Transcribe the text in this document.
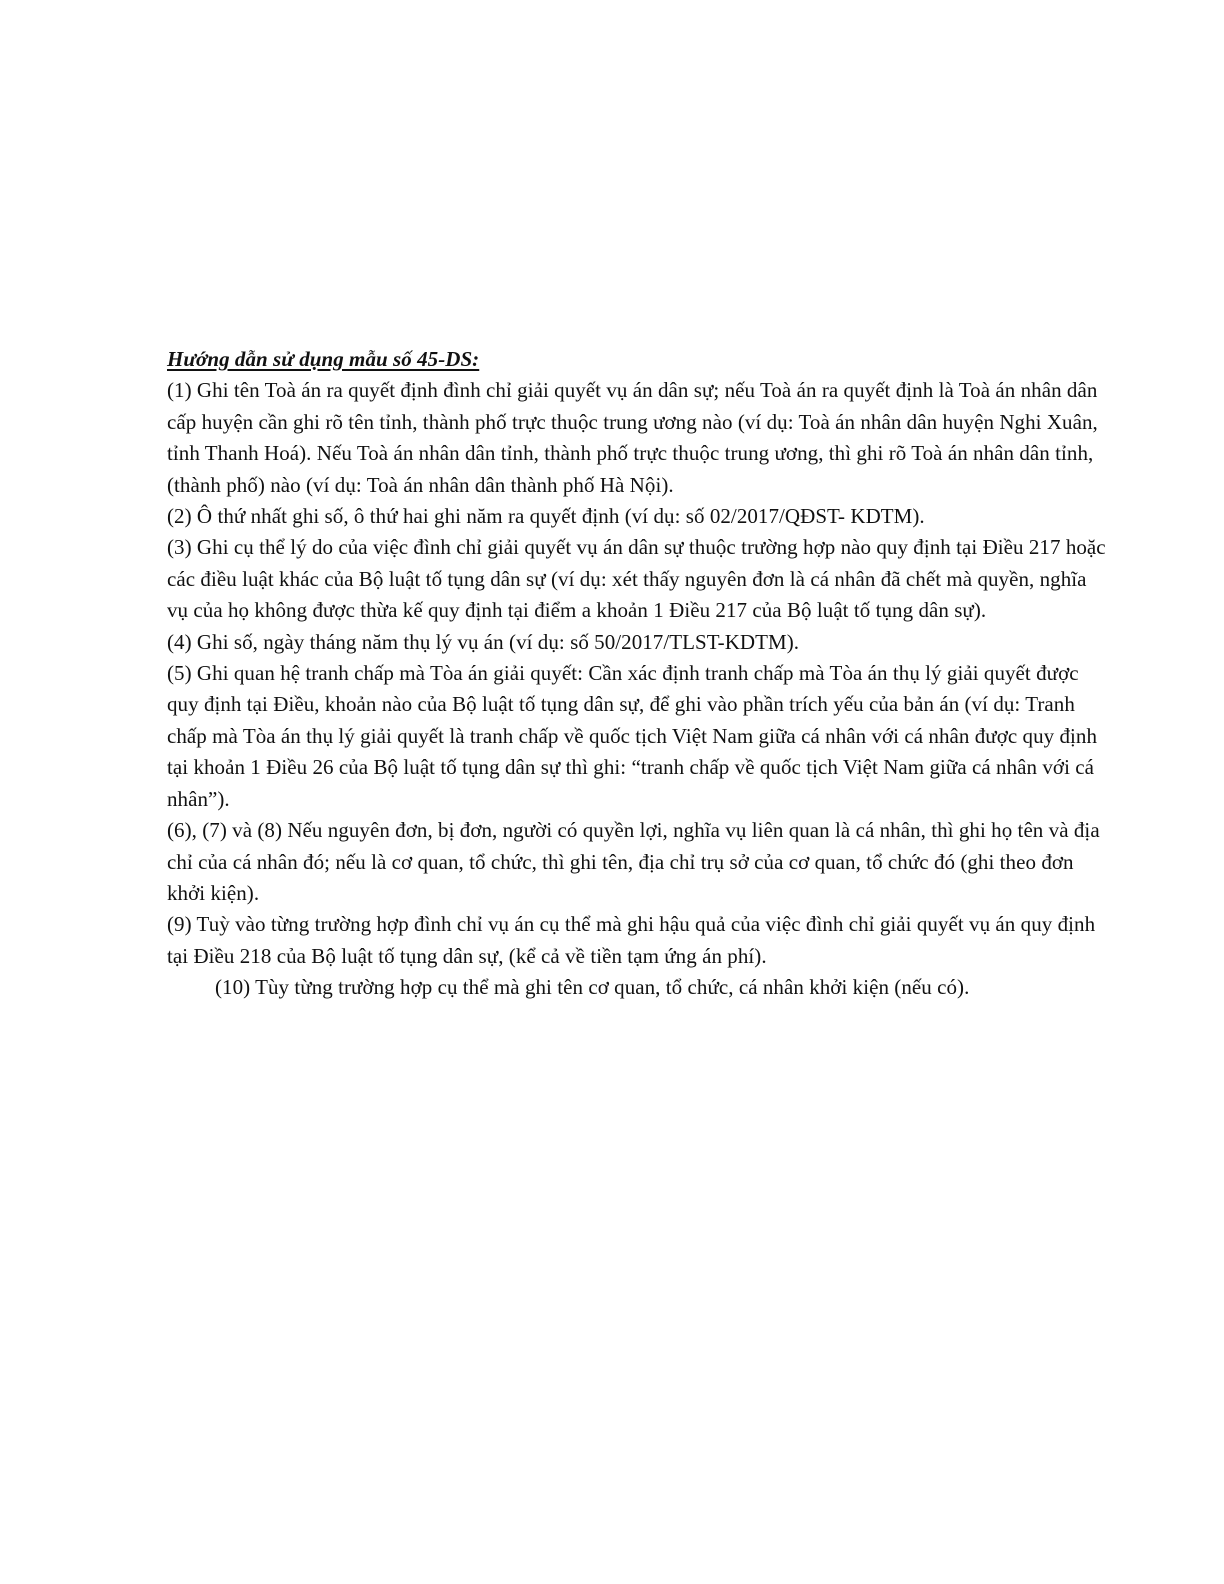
Hướng dẫn sử dụng mẫu số 45-DS:

(1) Ghi tên Toà án ra quyết định đình chỉ giải quyết vụ án dân sự; nếu Toà án ra quyết định là Toà án nhân dân cấp huyện cần ghi rõ tên tỉnh, thành phố trực thuộc trung ương nào (ví dụ: Toà án nhân dân huyện Nghi Xuân, tỉnh Thanh Hoá). Nếu Toà án nhân dân tỉnh, thành phố trực thuộc trung ương, thì ghi rõ Toà án nhân dân tỉnh, (thành phố) nào (ví dụ: Toà án nhân dân thành phố Hà Nội).

(2) Ô thứ nhất ghi số, ô thứ hai ghi năm ra quyết định (ví dụ: số 02/2017/QĐST- KDTM).

(3) Ghi cụ thể lý do của việc đình chỉ giải quyết vụ án dân sự thuộc trường hợp nào quy định tại Điều 217 hoặc các điều luật khác của Bộ luật tố tụng dân sự (ví dụ: xét thấy nguyên đơn là cá nhân đã chết mà quyền, nghĩa vụ của họ không được thừa kế quy định tại điểm a khoản 1 Điều 217 của Bộ luật tố tụng dân sự).

(4) Ghi số, ngày tháng năm thụ lý vụ án (ví dụ: số 50/2017/TLST-KDTM).

(5) Ghi quan hệ tranh chấp mà Tòa án giải quyết: Cần xác định tranh chấp mà Tòa án thụ lý giải quyết được quy định tại Điều, khoản nào của Bộ luật tố tụng dân sự, để ghi vào phần trích yếu của bản án (ví dụ: Tranh chấp mà Tòa án thụ lý giải quyết là tranh chấp về quốc tịch Việt Nam giữa cá nhân với cá nhân được quy định tại khoản 1 Điều 26 của Bộ luật tố tụng dân sự thì ghi: “tranh chấp về quốc tịch Việt Nam giữa cá nhân với cá nhân”).

(6), (7) và (8) Nếu nguyên đơn, bị đơn, người có quyền lợi, nghĩa vụ liên quan là cá nhân, thì ghi họ tên và địa chỉ của cá nhân đó; nếu là cơ quan, tổ chức, thì ghi tên, địa chỉ trụ sở của cơ quan, tổ chức đó (ghi theo đơn khởi kiện).

(9) Tuỳ vào từng trường hợp đình chỉ vụ án cụ thể mà ghi hậu quả của việc đình chỉ giải quyết vụ án quy định tại Điều 218 của Bộ luật tố tụng dân sự, (kể cả về tiền tạm ứng án phí).

(10) Tùy từng trường hợp cụ thể mà ghi tên cơ quan, tổ chức, cá nhân khởi kiện (nếu có).
